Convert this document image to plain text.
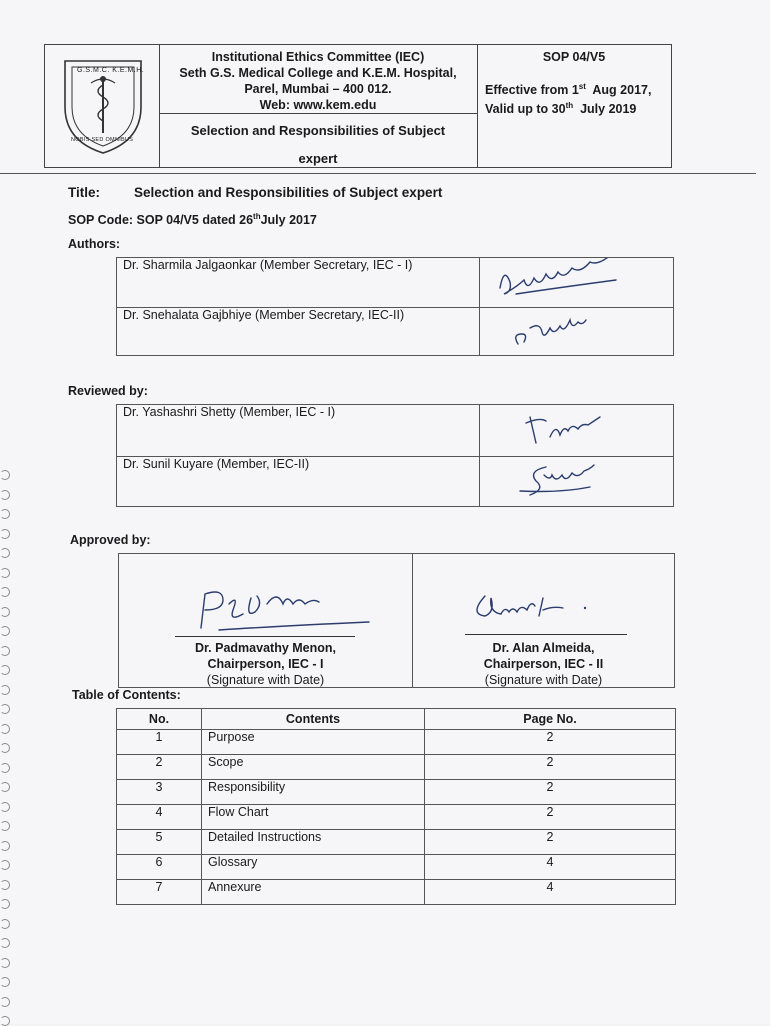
G.S.M.C. K.E.M.H.
NOBIS SED OMNIBUS
Institutional Ethics Committee (IEC)
Seth G.S. Medical College and K.E.M. Hospital,
Parel, Mumbai – 400 012.
Web: www.kem.edu
Selection and Responsibilities of Subject
expert
SOP 04/V5
Effective from 1st  Aug 2017,
Valid up to 30th  July 2019
Title:	Selection and Responsibilities of Subject expert
SOP Code: SOP 04/V5 dated 26thJuly 2017
Authors:
Dr. Sharmila Jalgaonkar (Member Secretary, IEC - I)	
Dr. Snehalata Gajbhiye (Member Secretary, IEC-II)	
Reviewed by:
Dr. Yashashri Shetty (Member, IEC - I)	
Dr. Sunil Kuyare (Member, IEC-II)	
Approved by:
Dr. Padmavathy Menon,
Chairperson, IEC - I
(Signature with Date)
Dr. Alan Almeida,
Chairperson, IEC - II
(Signature with Date)
Table of Contents:
No.	Contents	Page No.
1	Purpose	2
2	Scope	2
3	Responsibility	2
4	Flow Chart	2
5	Detailed Instructions	2
6	Glossary	4
7	Annexure	4
